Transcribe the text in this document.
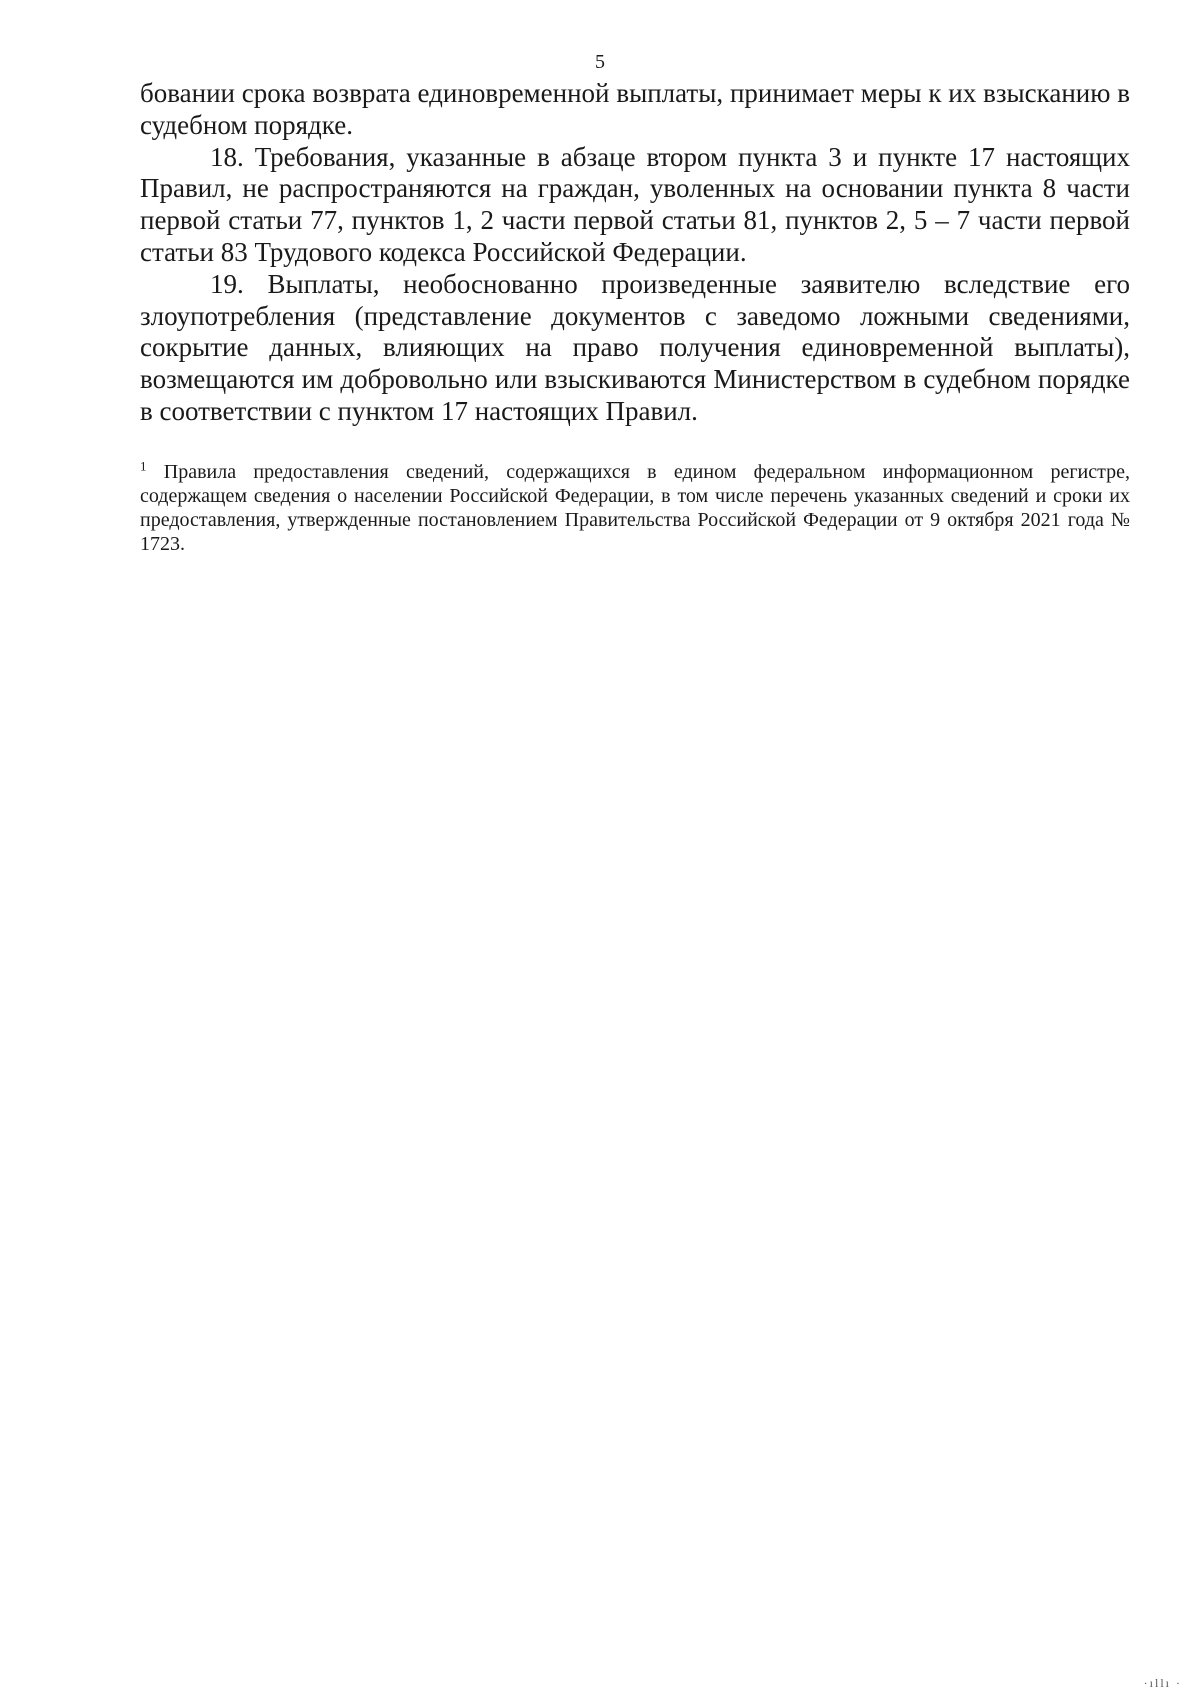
5

бовании срока возврата единовременной выплаты, принимает меры к их взысканию в судебном порядке.

18. Требования, указанные в абзаце втором пункта 3 и пункте 17 настоящих Правил, не распространяются на граждан, уволенных на основании пункта 8 части первой статьи 77, пунктов 1, 2 части первой статьи 81, пунктов 2, 5 – 7 части первой статьи 83 Трудового кодекса Российской Федерации.

19. Выплаты, необоснованно произведенные заявителю вследствие его злоупотребления (представление документов с заведомо ложными сведениями, сокрытие данных, влияющих на право получения единовременной выплаты), возмещаются им добровольно или взыскиваются Министерством в судебном порядке в соответствии с пунктом 17 настоящих Правил.

$^1$ Правила предоставления сведений, содержащихся в едином федеральном информационном регистре, содержащем сведения о населении Российской Федерации, в том числе перечень указанных сведений и сроки их предоставления, утвержденные постановлением Правительства Российской Федерации от 9 октября 2021 года № 1723.

·ıllı ·
